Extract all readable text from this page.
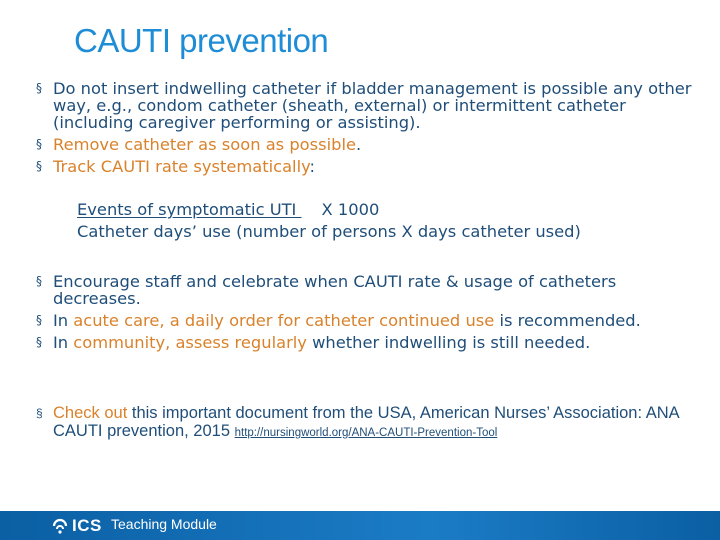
CAUTI prevention
§ Do not insert indwelling catheter if bladder management is possible any other way, e.g., condom catheter (sheath, external) or intermittent catheter (including caregiver performing or assisting).
§ Remove catheter as soon as possible.
§ Track CAUTI rate systematically:
Events of symptomatic UTI X 1000
Catheter days’ use (number of persons X days catheter used)
§ Encourage staff and celebrate when CAUTI rate & usage of catheters decreases.
§ In acute care, a daily order for catheter continued use is recommended.
§ In community, assess regularly whether indwelling is still needed.
§ Check out this important document from the USA, American Nurses’ Association: ANA CAUTI prevention, 2015 http://nursingworld.org/ANA-CAUTI-Prevention-Tool
ICS Teaching Module
